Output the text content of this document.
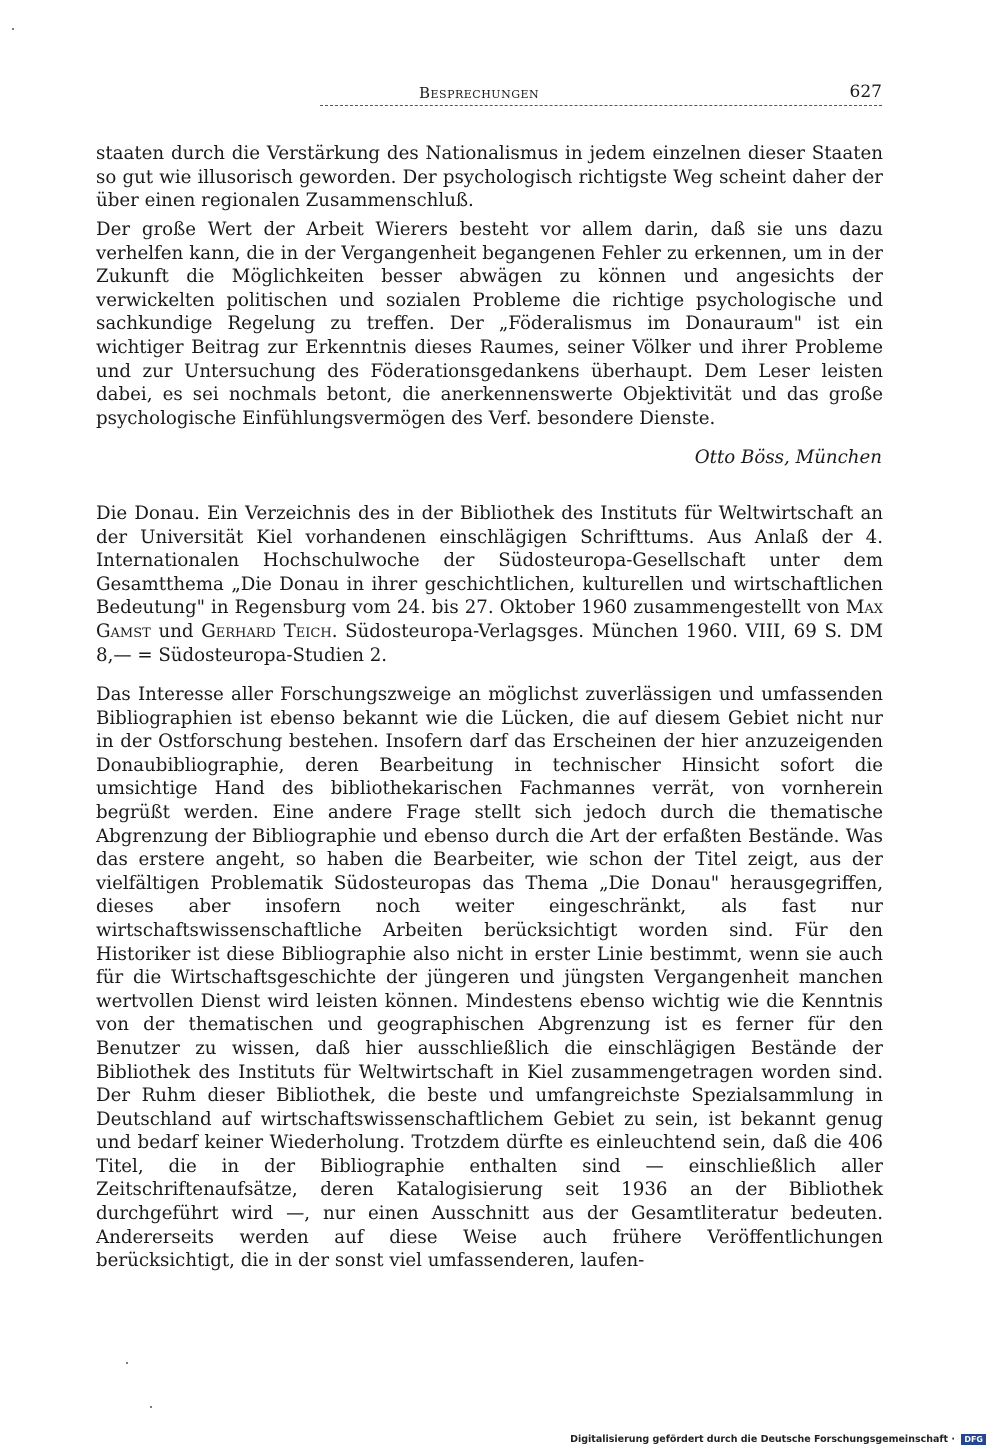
Besprechungen	627

staaten durch die Verstärkung des Nationalismus in jedem einzelnen dieser Staaten so gut wie illusorisch geworden. Der psychologisch richtigste Weg scheint daher der über einen regionalen Zusammenschluß.

Der große Wert der Arbeit Wierers besteht vor allem darin, daß sie uns dazu verhelfen kann, die in der Vergangenheit begangenen Fehler zu erkennen, um in der Zukunft die Möglichkeiten besser abwägen zu können und angesichts der verwickelten politischen und sozialen Probleme die richtige psychologische und sachkundige Regelung zu treffen. Der „Föderalismus im Donauraum" ist ein wichtiger Beitrag zur Erkenntnis dieses Raumes, seiner Völker und ihrer Probleme und zur Untersuchung des Föderationsgedankens überhaupt. Dem Leser leisten dabei, es sei nochmals betont, die anerkennenswerte Objektivität und das große psychologische Einfühlungsvermögen des Verf. besondere Dienste.

Otto Böss, München

Die Donau. Ein Verzeichnis des in der Bibliothek des Instituts für Weltwirtschaft an der Universität Kiel vorhandenen einschlägigen Schrifttums. Aus Anlaß der 4. Internationalen Hochschulwoche der Südosteuropa-Gesellschaft unter dem Gesamtthema „Die Donau in ihrer geschichtlichen, kulturellen und wirtschaftlichen Bedeutung" in Regensburg vom 24. bis 27. Oktober 1960 zusammengestellt von Max Gamst und Gerhard Teich. Südosteuropa-Verlagsges. München 1960. VIII, 69 S. DM 8,— = Südosteuropa-Studien 2.

Das Interesse aller Forschungszweige an möglichst zuverlässigen und umfassenden Bibliographien ist ebenso bekannt wie die Lücken, die auf diesem Gebiet nicht nur in der Ostforschung bestehen. Insofern darf das Erscheinen der hier anzuzeigenden Donaubibliographie, deren Bearbeitung in technischer Hinsicht sofort die umsichtige Hand des bibliothekarischen Fachmannes verrät, von vornherein begrüßt werden. Eine andere Frage stellt sich jedoch durch die thematische Abgrenzung der Bibliographie und ebenso durch die Art der erfaßten Bestände. Was das erstere angeht, so haben die Bearbeiter, wie schon der Titel zeigt, aus der vielfältigen Problematik Südosteuropas das Thema „Die Donau" herausgegriffen, dieses aber insofern noch weiter eingeschränkt, als fast nur wirtschaftswissenschaftliche Arbeiten berücksichtigt worden sind. Für den Historiker ist diese Bibliographie also nicht in erster Linie bestimmt, wenn sie auch für die Wirtschaftsgeschichte der jüngeren und jüngsten Vergangenheit manchen wertvollen Dienst wird leisten können. Mindestens ebenso wichtig wie die Kenntnis von der thematischen und geographischen Abgrenzung ist es ferner für den Benutzer zu wissen, daß hier ausschließlich die einschlägigen Bestände der Bibliothek des Instituts für Weltwirtschaft in Kiel zusammengetragen worden sind. Der Ruhm dieser Bibliothek, die beste und umfangreichste Spezialsammlung in Deutschland auf wirtschaftswissenschaftlichem Gebiet zu sein, ist bekannt genug und bedarf keiner Wiederholung. Trotzdem dürfte es einleuchtend sein, daß die 406 Titel, die in der Bibliographie enthalten sind — einschließlich aller Zeitschriftenaufsätze, deren Katalogisierung seit 1936 an der Bibliothek durchgeführt wird —, nur einen Ausschnitt aus der Gesamtliteratur bedeuten. Andererseits werden auf diese Weise auch frühere Veröffentlichungen berücksichtigt, die in der sonst viel umfassenderen, laufen-

Digitalisierung gefördert durch die Deutsche Forschungsgemeinschaft · DFG
